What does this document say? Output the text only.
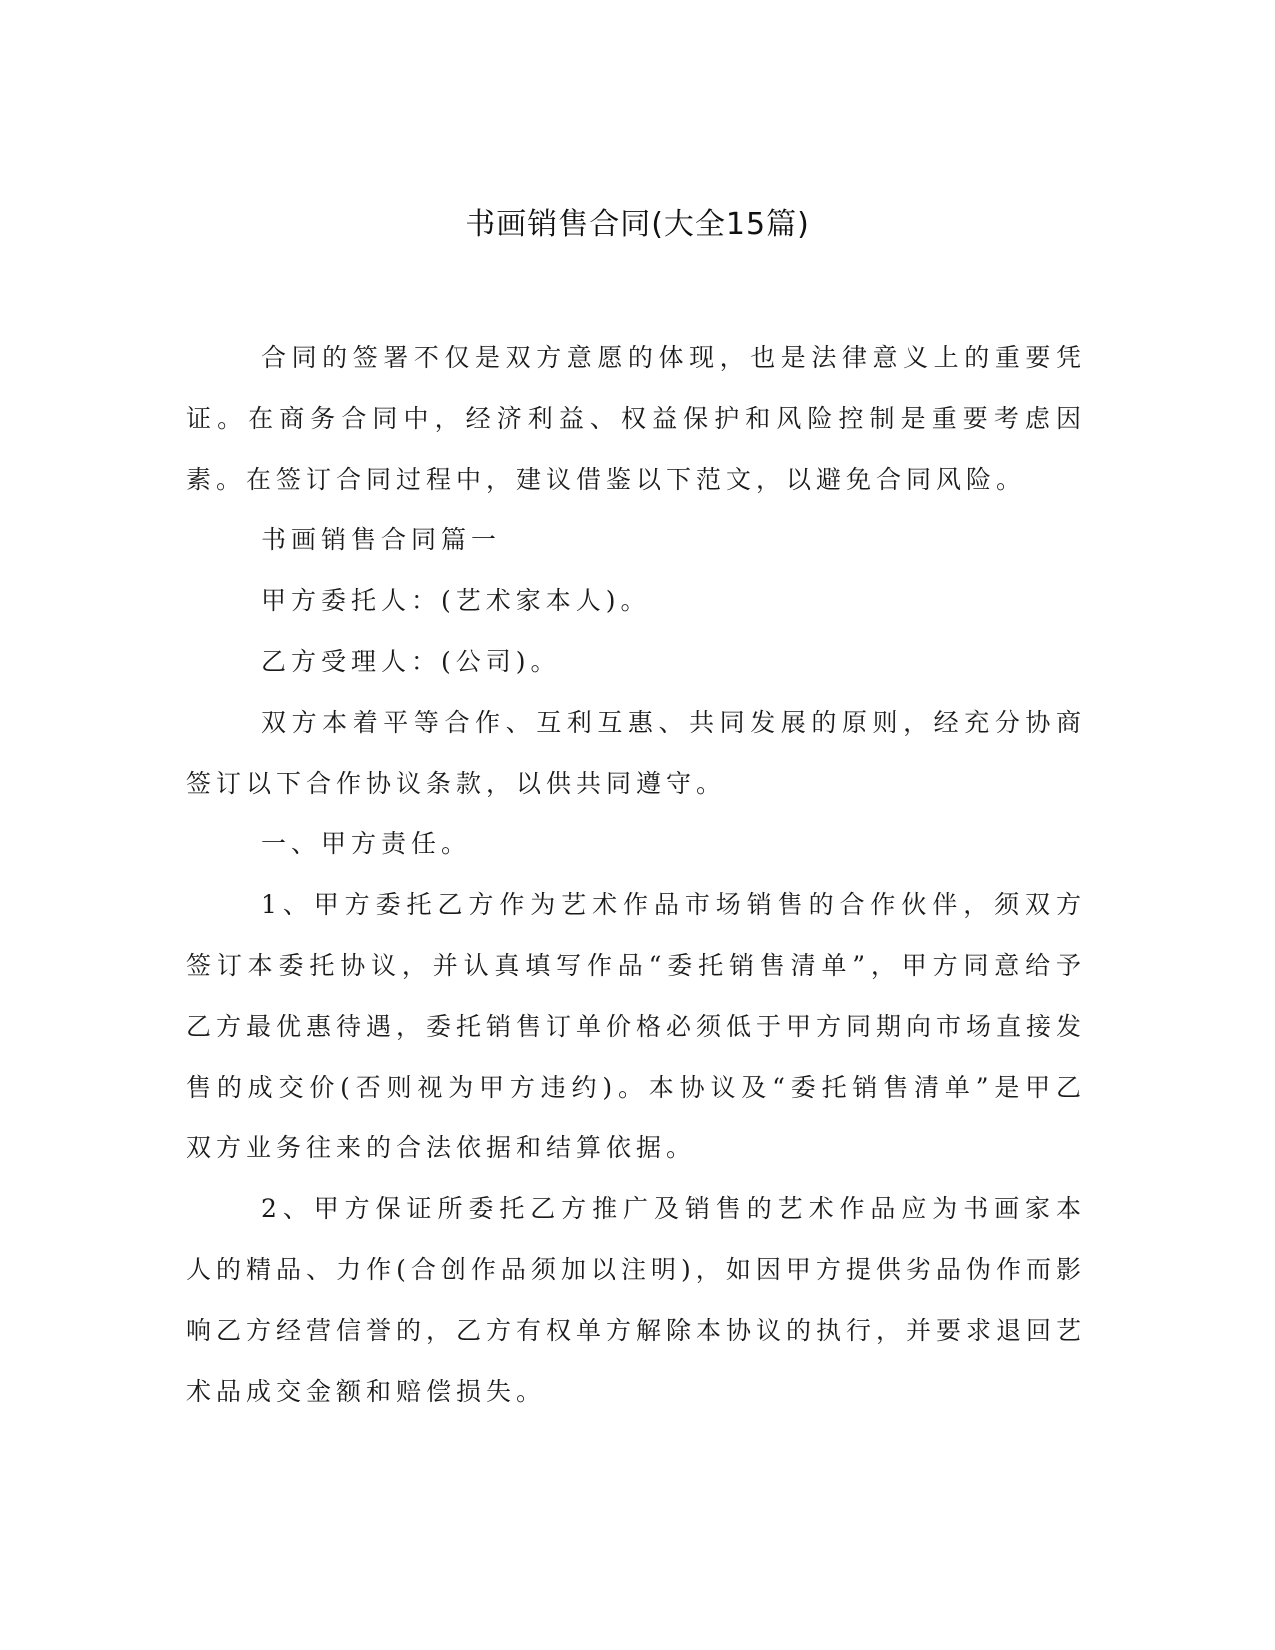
书画销售合同(大全15篇)

合同的签署不仅是双方意愿的体现，也是法律意义上的重要凭证。在商务合同中，经济利益、权益保护和风险控制是重要考虑因素。在签订合同过程中，建议借鉴以下范文，以避免合同风险。

书画销售合同篇一

甲方委托人：(艺术家本人)。

乙方受理人：(公司)。

双方本着平等合作、互利互惠、共同发展的原则，经充分协商签订以下合作协议条款，以供共同遵守。

一、甲方责任。

1、甲方委托乙方作为艺术作品市场销售的合作伙伴，须双方签订本委托协议，并认真填写作品“委托销售清单”，甲方同意给予乙方最优惠待遇，委托销售订单价格必须低于甲方同期向市场直接发售的成交价(否则视为甲方违约)。本协议及“委托销售清单”是甲乙双方业务往来的合法依据和结算依据。

2、甲方保证所委托乙方推广及销售的艺术作品应为书画家本人的精品、力作(合创作品须加以注明)，如因甲方提供劣品伪作而影响乙方经营信誉的，乙方有权单方解除本协议的执行，并要求退回艺术品成交金额和赔偿损失。
